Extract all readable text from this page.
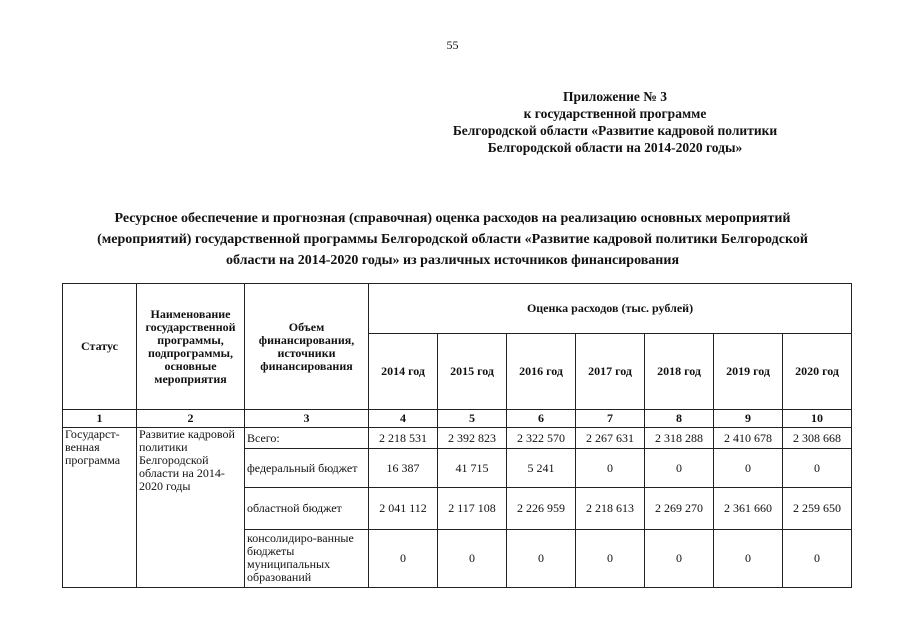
55
Приложение № 3
к государственной программе
Белгородской области «Развитие кадровой политики
Белгородской области на 2014-2020 годы»
Ресурсное обеспечение и прогнозная (справочная) оценка расходов на реализацию основных мероприятий
(мероприятий) государственной программы Белгородской области «Развитие кадровой политики Белгородской
области на 2014-2020 годы» из различных источников финансирования
Статус	Наименование государственной программы, подпрограммы, основные мероприятия	Объем финансирования, источники финансирования	Оценка расходов (тыс. рублей)						
			2014 год	2015 год	2016 год	2017 год	2018 год	2019 год	2020 год
1	2	3	4	5	6	7	8	9	10
Государст-венная программа	Развитие кадровой политики Белгородской области на 2014-2020 годы	Всего:	2 218 531	2 392 823	2 322 570	2 267 631	2 318 288	2 410 678	2 308 668
		федеральный бюджет	16 387	41 715	5 241	0	0	0	0
		областной бюджет	2 041 112	2 117 108	2 226 959	2 218 613	2 269 270	2 361 660	2 259 650
		консолидиро-ванные бюджеты муниципальных образований	0	0	0	0	0	0	0
